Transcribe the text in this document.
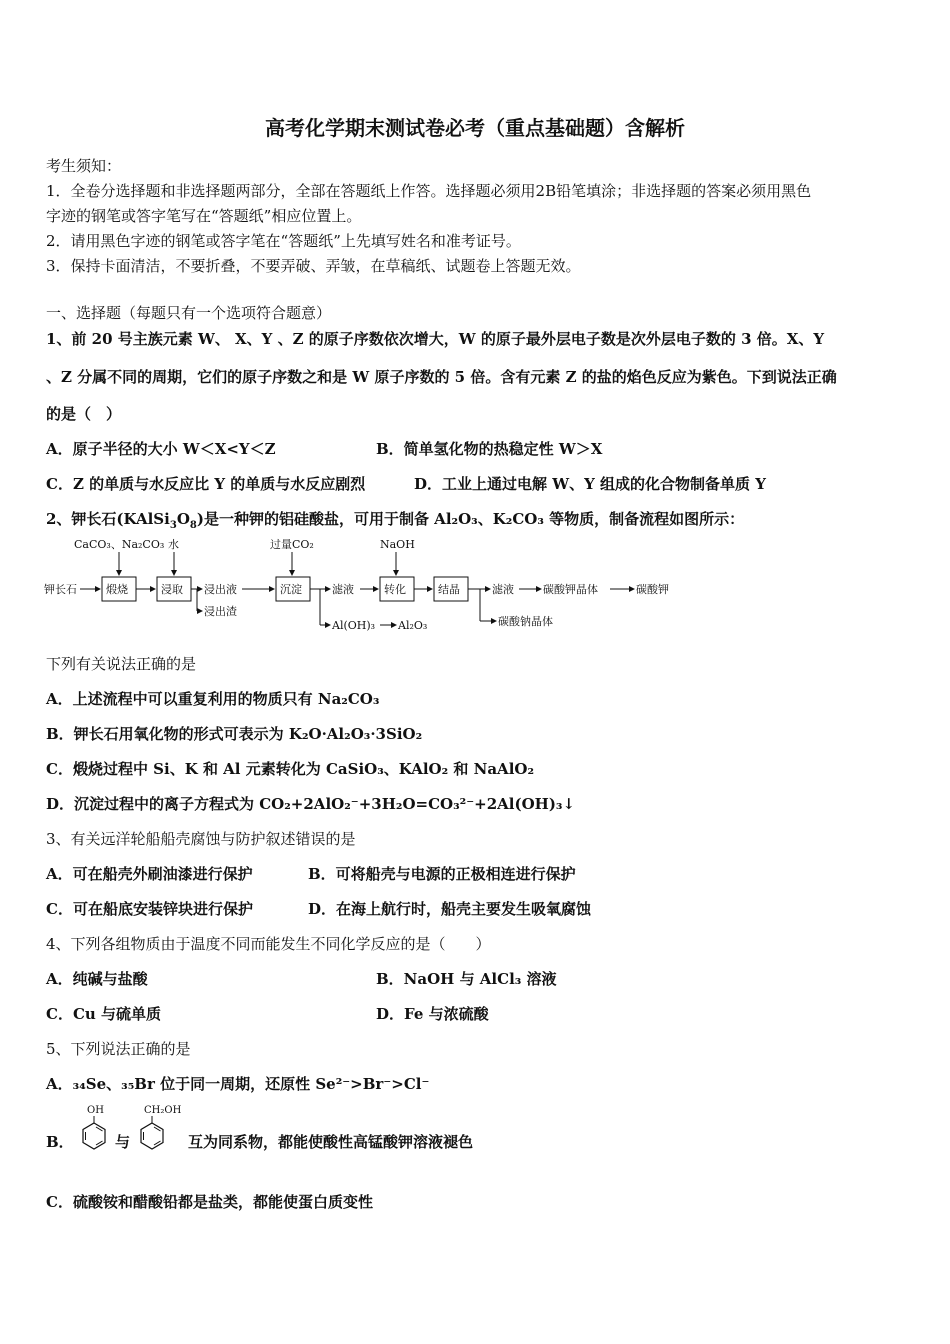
高考化学期末测试卷必考（重点基础题）含解析
考生须知：
1．全卷分选择题和非选择题两部分，全部在答题纸上作答。选择题必须用2B铅笔填涂；非选择题的答案必须用黑色
字迹的钢笔或答字笔写在“答题纸”相应位置上。
2．请用黑色字迹的钢笔或答字笔在“答题纸”上先填写姓名和准考证号。
3．保持卡面清洁，不要折叠，不要弄破、弄皱，在草稿纸、试题卷上答题无效。
一、选择题（每题只有一个选项符合题意）
1、前 20 号主族元素 W、 X、Y 、Z 的原子序数依次增大，W 的原子最外层电子数是次外层电子数的 3 倍。X、Y
、Z 分属不同的周期，它们的原子序数之和是 W 原子序数的 5 倍。含有元素 Z 的盐的焰色反应为紫色。下到说法正确
的是（　）
A．原子半径的大小 W＜X<Y＜Z	B．简单氢化物的热稳定性 W＞X
C．Z 的单质与水反应比 Y 的单质与水反应剧烈	D．工业上通过电解 W、Y 组成的化合物制备单质 Y
2、钾长石$(KAlSi_3O_8)$是一种钾的铝硅酸盐，可用于制备 Al₂O₃、K₂CO₃ 等物质，制备流程如图所示：
CaCO₃、Na₂CO₃ 水	过量CO₂	NaOH
钾长石	煅烧	浸取 浸出液
浸出渣
沉淀	滤液
Al(OH)₃ Al₂O₃
转化	结晶	滤液
碳酸钠晶体
碳酸钾晶体	碳酸钾
下列有关说法正确的是
A．上述流程中可以重复利用的物质只有 Na₂CO₃
B．钾长石用氧化物的形式可表示为 K₂O·Al₂O₃·3SiO₂
C．煅烧过程中 Si、K 和 Al 元素转化为 CaSiO₃、KAlO₂ 和 NaAlO₂
D．沉淀过程中的离子方程式为 CO₂+2AlO₂⁻+3H₂O=CO₃²⁻+2Al(OH)₃↓
3、有关远洋轮船船壳腐蚀与防护叙述错误的是
A．可在船壳外刷油漆进行保护	B．可将船壳与电源的正极相连进行保护
C．可在船底安装锌块进行保护	D．在海上航行时，船壳主要发生吸氧腐蚀
4、下列各组物质由于温度不同而能发生不同化学反应的是（　　）
A．纯碱与盐酸	B．NaOH 与 AlCl₃ 溶液
C．Cu 与硫单质	D．Fe 与浓硫酸
5、下列说法正确的是
A．₃₄Se、₃₅Br 位于同一周期，还原性 Se²⁻>Br⁻>Cl⁻
B．
OH
与
CH₂OH
互为同系物，都能使酸性高锰酸钾溶液褪色
C．硫酸铵和醋酸铅都是盐类，都能使蛋白质变性
